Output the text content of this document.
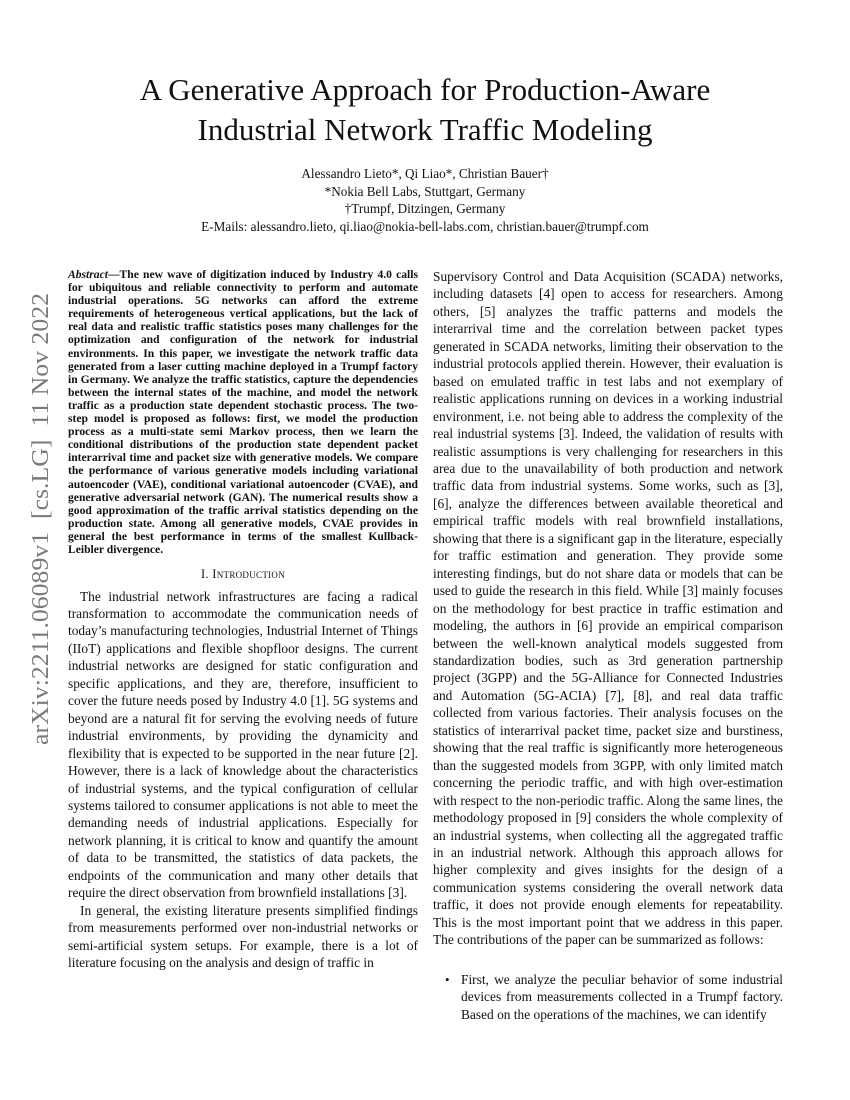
arXiv:2211.06089v1  [cs.LG]  11 Nov 2022
A Generative Approach for Production-Aware
Industrial Network Traffic Modeling
Alessandro Lieto*, Qi Liao*, Christian Bauer†
*Nokia Bell Labs, Stuttgart, Germany
†Trumpf, Ditzingen, Germany
E-Mails: alessandro.lieto, qi.liao@nokia-bell-labs.com, christian.bauer@trumpf.com

Abstract—The new wave of digitization induced by Industry 4.0 calls for ubiquitous and reliable connectivity to perform and automate industrial operations. 5G networks can afford the extreme requirements of heterogeneous vertical applications, but the lack of real data and realistic traffic statistics poses many challenges for the optimization and configuration of the network for industrial environments. In this paper, we investigate the network traffic data generated from a laser cutting machine deployed in a Trumpf factory in Germany. We analyze the traffic statistics, capture the dependencies between the internal states of the machine, and model the network traffic as a production state dependent stochastic process. The two-step model is proposed as follows: first, we model the production process as a multi-state semi Markov process, then we learn the conditional distributions of the production state dependent packet interarrival time and packet size with generative models. We compare the performance of various generative models including variational autoencoder (VAE), conditional variational autoencoder (CVAE), and generative adversarial network (GAN). The numerical results show a good approximation of the traffic arrival statistics depending on the production state. Among all generative models, CVAE provides in general the best performance in terms of the smallest Kullback-Leibler divergence.

I. Introduction

The industrial network infrastructures are facing a radical transformation to accommodate the communication needs of today’s manufacturing technologies, Industrial Internet of Things (IIoT) applications and flexible shopfloor designs. The current industrial networks are designed for static configuration and specific applications, and they are, therefore, insufficient to cover the future needs posed by Industry 4.0 [1]. 5G systems and beyond are a natural fit for serving the evolving needs of future industrial environments, by providing the dynamicity and flexibility that is expected to be supported in the near future [2]. However, there is a lack of knowledge about the characteristics of industrial systems, and the typical configuration of cellular systems tailored to consumer applications is not able to meet the demanding needs of industrial applications. Especially for network planning, it is critical to know and quantify the amount of data to be transmitted, the statistics of data packets, the endpoints of the communication and many other details that require the direct observation from brownfield installations [3].

In general, the existing literature presents simplified findings from measurements performed over non-industrial networks or semi-artificial system setups. For example, there is a lot of literature focusing on the analysis and design of traffic in

Supervisory Control and Data Acquisition (SCADA) networks, including datasets [4] open to access for researchers. Among others, [5] analyzes the traffic patterns and models the interarrival time and the correlation between packet types generated in SCADA networks, limiting their observation to the industrial protocols applied therein. However, their evaluation is based on emulated traffic in test labs and not exemplary of realistic applications running on devices in a working industrial environment, i.e. not being able to address the complexity of the real industrial systems [3]. Indeed, the validation of results with realistic assumptions is very challenging for researchers in this area due to the unavailability of both production and network traffic data from industrial systems. Some works, such as [3], [6], analyze the differences between available theoretical and empirical traffic models with real brownfield installations, showing that there is a significant gap in the literature, especially for traffic estimation and generation. They provide some interesting findings, but do not share data or models that can be used to guide the research in this field. While [3] mainly focuses on the methodology for best practice in traffic estimation and modeling, the authors in [6] provide an empirical comparison between the well-known analytical models suggested from standardization bodies, such as 3rd generation partnership project (3GPP) and the 5G-Alliance for Connected Industries and Automation (5G-ACIA) [7], [8], and real data traffic collected from various factories. Their analysis focuses on the statistics of interarrival packet time, packet size and burstiness, showing that the real traffic is significantly more heterogeneous than the suggested models from 3GPP, with only limited match concerning the periodic traffic, and with high over-estimation with respect to the non-periodic traffic. Along the same lines, the methodology proposed in [9] considers the whole complexity of an industrial systems, when collecting all the aggregated traffic in an industrial network. Although this approach allows for higher complexity and gives insights for the design of a communication systems considering the overall network data traffic, it does not provide enough elements for repeatability. This is the most important point that we address in this paper. The contributions of the paper can be summarized as follows:

• First, we analyze the peculiar behavior of some industrial devices from measurements collected in a Trumpf factory. Based on the operations of the machines, we can identify
